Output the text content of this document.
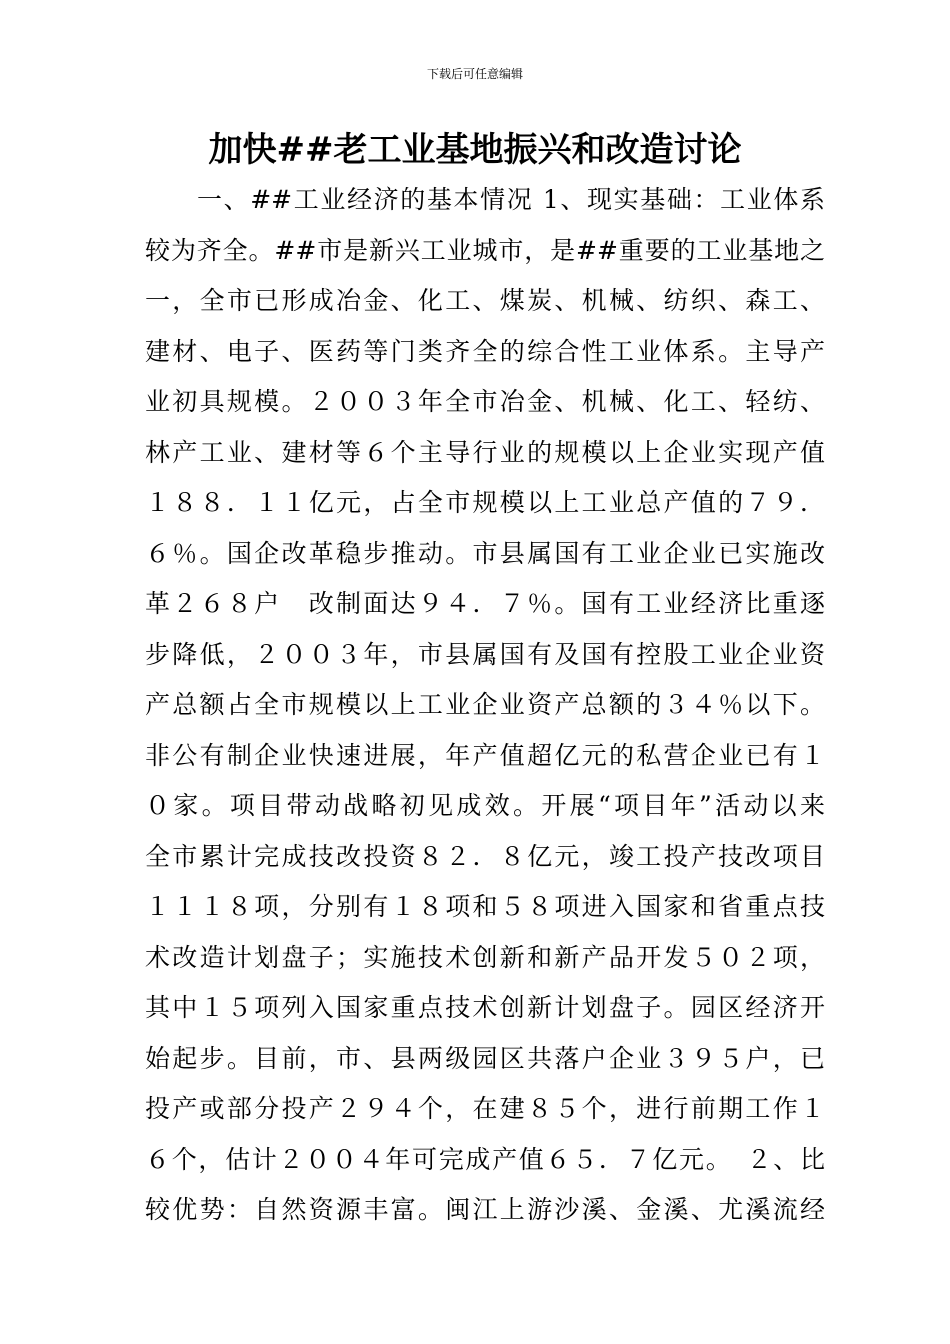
下载后可任意编辑
加快##老工业基地振兴和改造讨论
一、##工业经济的基本情况 1、现实基础：工业体系
较为齐全。##市是新兴工业城市，是##重要的工业基地之
一，全市已形成冶金、化工、煤炭、机械、纺织、森工、
建材、电子、医药等门类齐全的综合性工业体系。主导产
业初具规模。２００３年全市冶金、机械、化工、轻纺、
林产工业、建材等６个主导行业的规模以上企业实现产值
１８８．１１亿元，占全市规模以上工业总产值的７９．
６％。国企改革稳步推动。市县属国有工业企业已实施改
革２６８户　改制面达９４．７％。国有工业经济比重逐
步降低，２００３年，市县属国有及国有控股工业企业资
产总额占全市规模以上工业企业资产总额的３４％以下。
非公有制企业快速进展，年产值超亿元的私营企业已有１
０家。项目带动战略初见成效。开展“项目年”活动以来
全市累计完成技改投资８２．８亿元，竣工投产技改项目
１１１８项，分别有１８项和５８项进入国家和省重点技
术改造计划盘子；实施技术创新和新产品开发５０２项，
其中１５项列入国家重点技术创新计划盘子。园区经济开
始起步。目前，市、县两级园区共落户企业３９５户，已
投产或部分投产２９４个，在建８５个，进行前期工作１
６个，估计２００４年可完成产值６５．７亿元。　２、比
较优势：自然资源丰富。闽江上游沙溪、金溪、尤溪流经
